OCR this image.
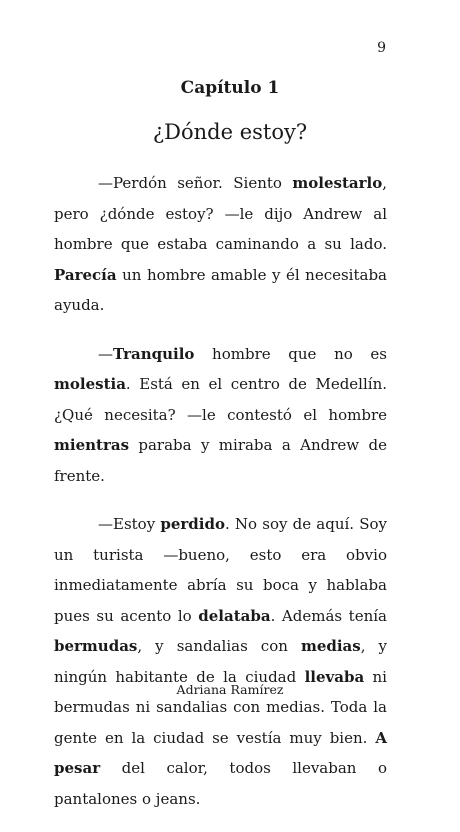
9
Capítulo 1
¿Dónde estoy?

—Perdón señor. Siento molestarlo, pero ¿dónde estoy? —le dijo Andrew al hombre que estaba caminando a su lado. Parecía un hombre amable y él necesitaba ayuda.

—Tranquilo hombre que no es molestia. Está en el centro de Medellín. ¿Qué necesita? —le contestó el hombre mientras paraba y miraba a Andrew de frente.

—Estoy perdido. No soy de aquí. Soy un turista —bueno, esto era obvio inmediatamente abría su boca y hablaba pues su acento lo delataba. Además tenía bermudas, y sandalias con medias, y ningún habitante de la ciudad llevaba ni bermudas ni sandalias con medias. Toda la gente en la ciudad se vestía muy bien. A pesar del calor, todos llevaban o pantalones o jeans.

Adriana Ramírez
